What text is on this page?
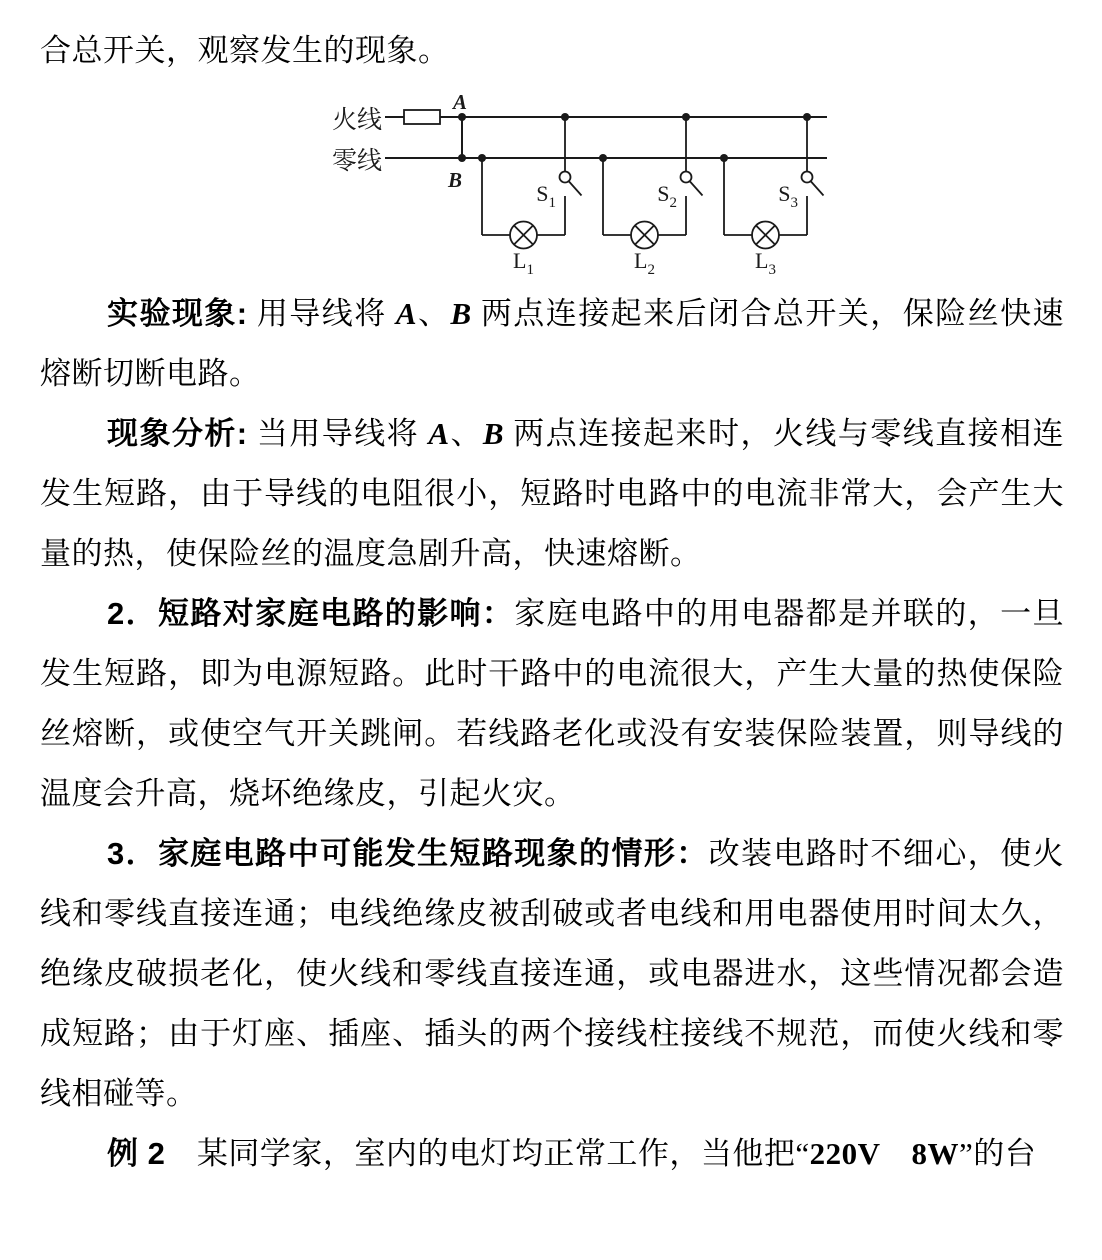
合总开关，观察发生的现象。
火线
零线
A
B
$S_1$
$L_1$
$S_2$
$L_2$
$S_3$
$L_3$

实验现象: 用导线将 A、B 两点连接起来后闭合总开关，保险丝快速熔断切断电路。

现象分析: 当用导线将 A、B 两点连接起来时，火线与零线直接相连发生短路，由于导线的电阻很小，短路时电路中的电流非常大，会产生大量的热，使保险丝的温度急剧升高，快速熔断。

2．短路对家庭电路的影响：家庭电路中的用电器都是并联的，一旦发生短路，即为电源短路。此时干路中的电流很大，产生大量的热使保险丝熔断，或使空气开关跳闸。若线路老化或没有安装保险装置，则导线的温度会升高，烧坏绝缘皮，引起火灾。

3．家庭电路中可能发生短路现象的情形：改装电路时不细心，使火线和零线直接连通；电线绝缘皮被刮破或者电线和用电器使用时间太久，绝缘皮破损老化，使火线和零线直接连通，或电器进水，这些情况都会造成短路；由于灯座、插座、插头的两个接线柱接线不规范，而使火线和零线相碰等。

例 2　某同学家，室内的电灯均正常工作，当他把“220V　8W”的台
